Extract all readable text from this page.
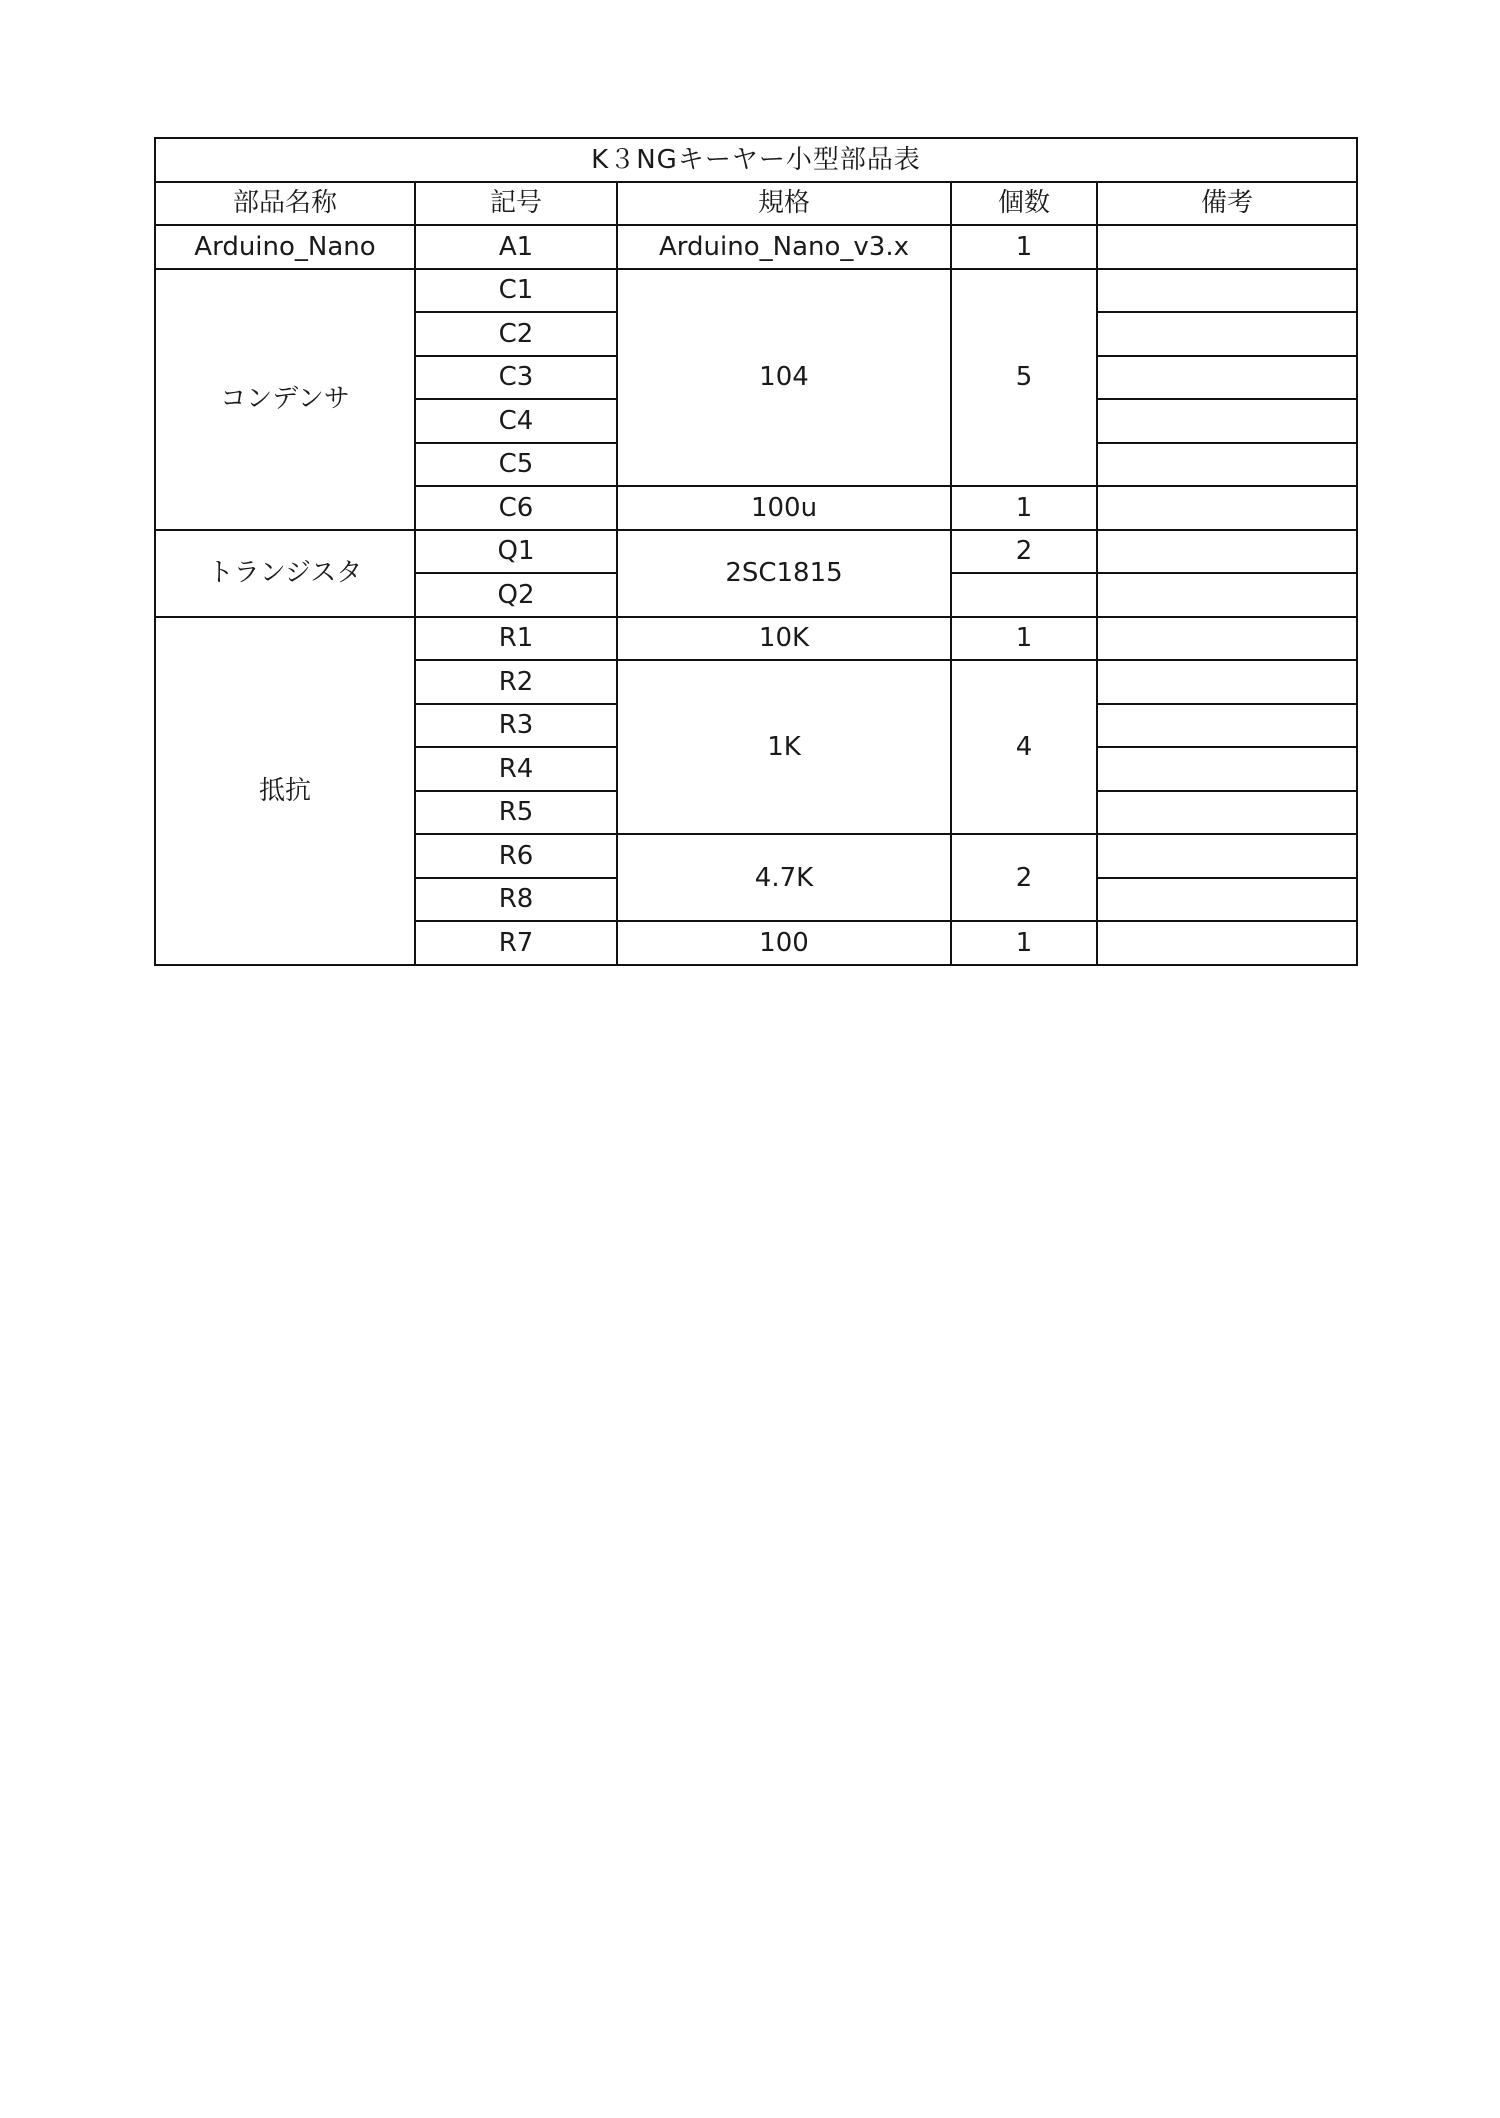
K３NGキーヤー小型部品表				
部品名称	記号	規格	個数	備考
Arduino_Nano	A1	Arduino_Nano_v3.x	1	
コンデンサ	C1	104	5	
	C2			
	C3			
	C4			
	C5			
	C6	100u	1	
トランジスタ	Q1	2SC1815	2	
	Q2			
抵抗	R1	10K	1	
	R2	1K	4	
	R3			
	R4			
	R5			
	R6	4.7K	2	
	R8			
	R7	100	1	
